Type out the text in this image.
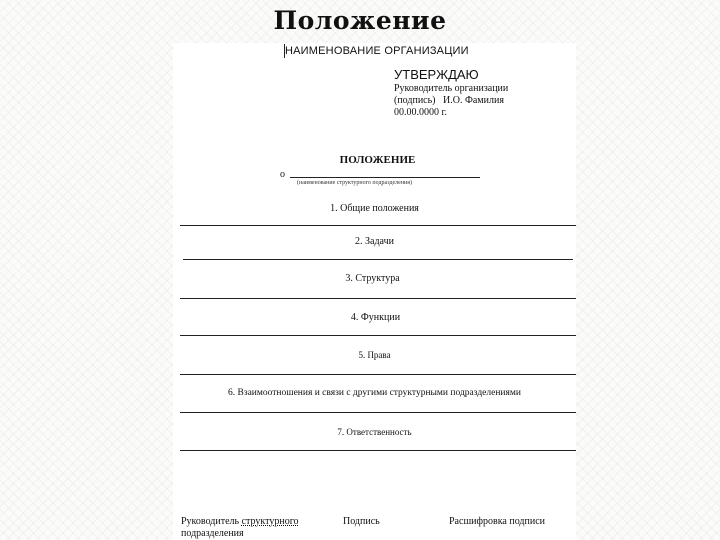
Положение
НАИМЕНОВАНИЕ ОРГАНИЗАЦИИ
УТВЕРЖДАЮ
Руководитель организации
(подпись)   И.О. Фамилия
00.00.0000 г.
ПОЛОЖЕНИЕ
о
(наименование структурного подразделения)
1. Общие положения
2. Задачи
3. Структура
4. Функции
5. Права
6. Взаимоотношения и связи с другими структурными подразделениями
7. Ответственность
Руководитель структурного
подразделения
Подпись	Расшифровка подписи
